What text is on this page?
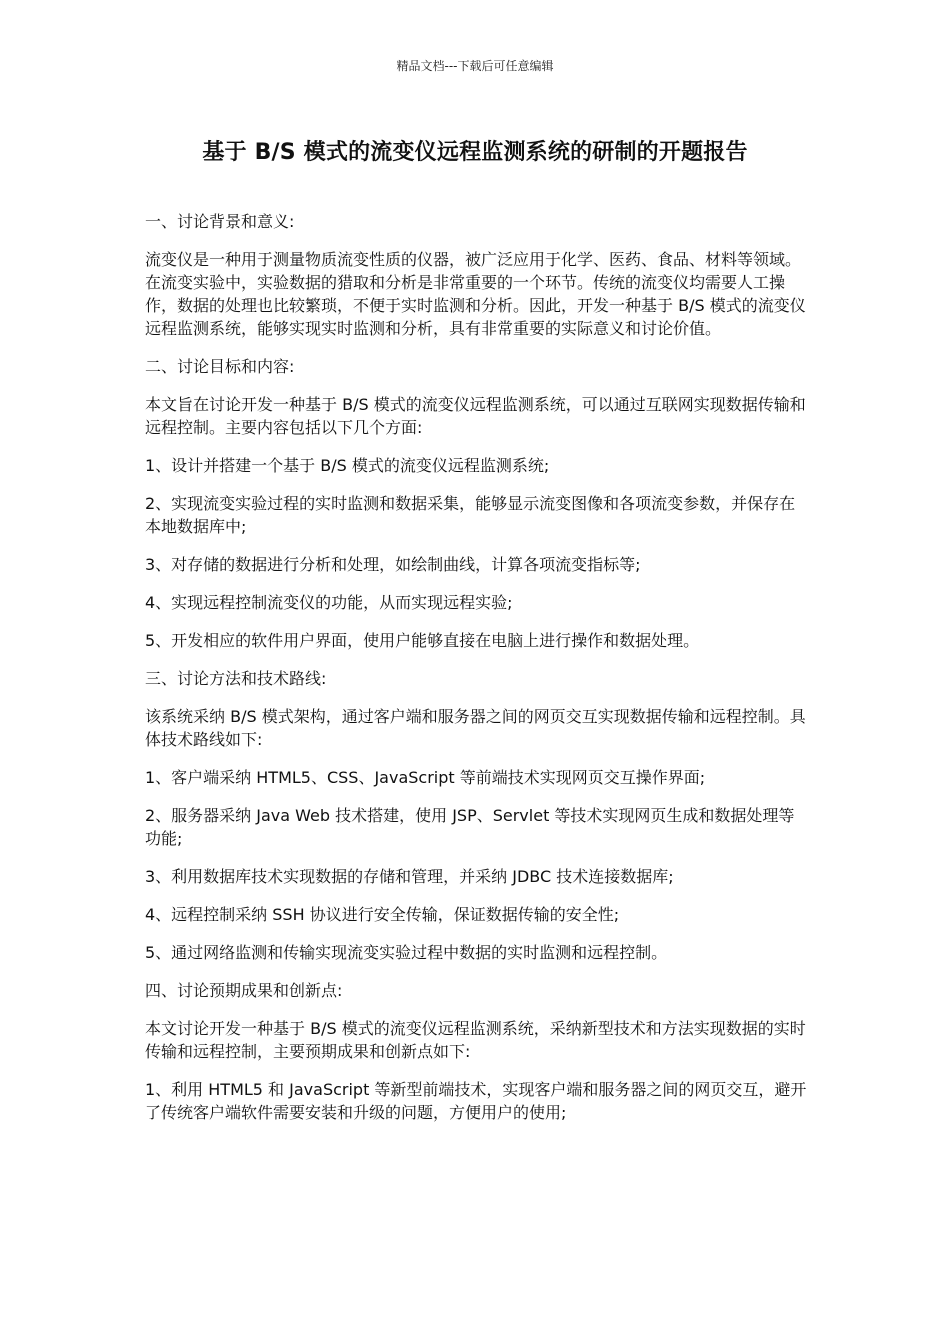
精品文档---下载后可任意编辑
基于 B/S 模式的流变仪远程监测系统的研制的开题报告

一、讨论背景和意义:

流变仪是一种用于测量物质流变性质的仪器，被广泛应用于化学、医药、食品、材料等领域。在流变实验中，实验数据的猎取和分析是非常重要的一个环节。传统的流变仪均需要人工操作，数据的处理也比较繁琐，不便于实时监测和分析。因此，开发一种基于 B/S 模式的流变仪远程监测系统，能够实现实时监测和分析，具有非常重要的实际意义和讨论价值。

二、讨论目标和内容:

本文旨在讨论开发一种基于 B/S 模式的流变仪远程监测系统，可以通过互联网实现数据传输和远程控制。主要内容包括以下几个方面:

1、设计并搭建一个基于 B/S 模式的流变仪远程监测系统;

2、实现流变实验过程的实时监测和数据采集，能够显示流变图像和各项流变参数，并保存在本地数据库中;

3、对存储的数据进行分析和处理，如绘制曲线，计算各项流变指标等;

4、实现远程控制流变仪的功能，从而实现远程实验;

5、开发相应的软件用户界面，使用户能够直接在电脑上进行操作和数据处理。

三、讨论方法和技术路线:

该系统采纳 B/S 模式架构，通过客户端和服务器之间的网页交互实现数据传输和远程控制。具体技术路线如下:

1、客户端采纳 HTML5、CSS、JavaScript 等前端技术实现网页交互操作界面;

2、服务器采纳 Java Web 技术搭建，使用 JSP、Servlet 等技术实现网页生成和数据处理等功能;

3、利用数据库技术实现数据的存储和管理，并采纳 JDBC 技术连接数据库;

4、远程控制采纳 SSH 协议进行安全传输，保证数据传输的安全性;

5、通过网络监测和传输实现流变实验过程中数据的实时监测和远程控制。

四、讨论预期成果和创新点:

本文讨论开发一种基于 B/S 模式的流变仪远程监测系统，采纳新型技术和方法实现数据的实时传输和远程控制，主要预期成果和创新点如下:

1、利用 HTML5 和 JavaScript 等新型前端技术，实现客户端和服务器之间的网页交互，避开了传统客户端软件需要安装和升级的问题，方便用户的使用;
